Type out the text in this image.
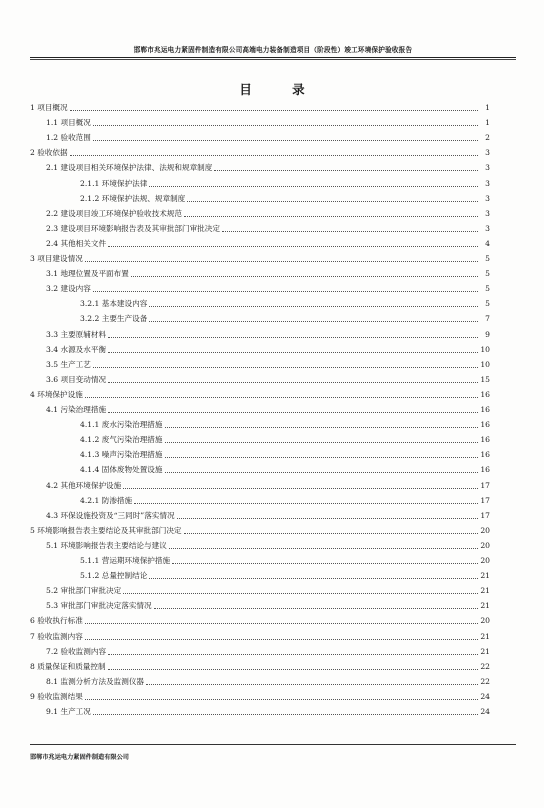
邯郸市兆运电力紧固件制造有限公司高端电力装备制造项目（阶段性）竣工环境保护验收报告
目 录
1 项目概况	1
1.1 项目概况	1
1.2 验收范围	2
2 验收依据	3
2.1 建设项目相关环境保护法律、法规和规章制度	3
2.1.1 环境保护法律	3
2.1.2 环境保护法规、规章制度	3
2.2 建设项目竣工环境保护验收技术规范	3
2.3 建设项目环境影响报告表及其审批部门审批决定	3
2.4 其他相关文件	4
3 项目建设情况	5
3.1 地理位置及平面布置	5
3.2 建设内容	5
3.2.1 基本建设内容	5
3.2.2 主要生产设备	7
3.3 主要原辅材料	9
3.4 水源及水平衡	10
3.5 生产工艺	10
3.6 项目变动情况	15
4 环境保护设施	16
4.1 污染治理措施	16
4.1.1 废水污染治理措施	16
4.1.2 废气污染治理措施	16
4.1.3 噪声污染治理措施	16
4.1.4 固体废物处置设施	16
4.2 其他环境保护设施	17
4.2.1 防渗措施	17
4.3 环保设施投资及“三同时”落实情况	17
5 环境影响报告表主要结论及其审批部门决定	20
5.1 环境影响报告表主要结论与建议	20
5.1.1 营运期环境保护措施	20
5.1.2 总量控制结论	21
5.2 审批部门审批决定	21
5.3 审批部门审批决定落实情况	21
6 验收执行标准	20
7 验收监测内容	21
7.2 验收监测内容	21
8 质量保证和质量控制	22
8.1 监测分析方法及监测仪器	22
9 验收监测结果	24
9.1 生产工况	24
邯郸市兆运电力紧固件制造有限公司
